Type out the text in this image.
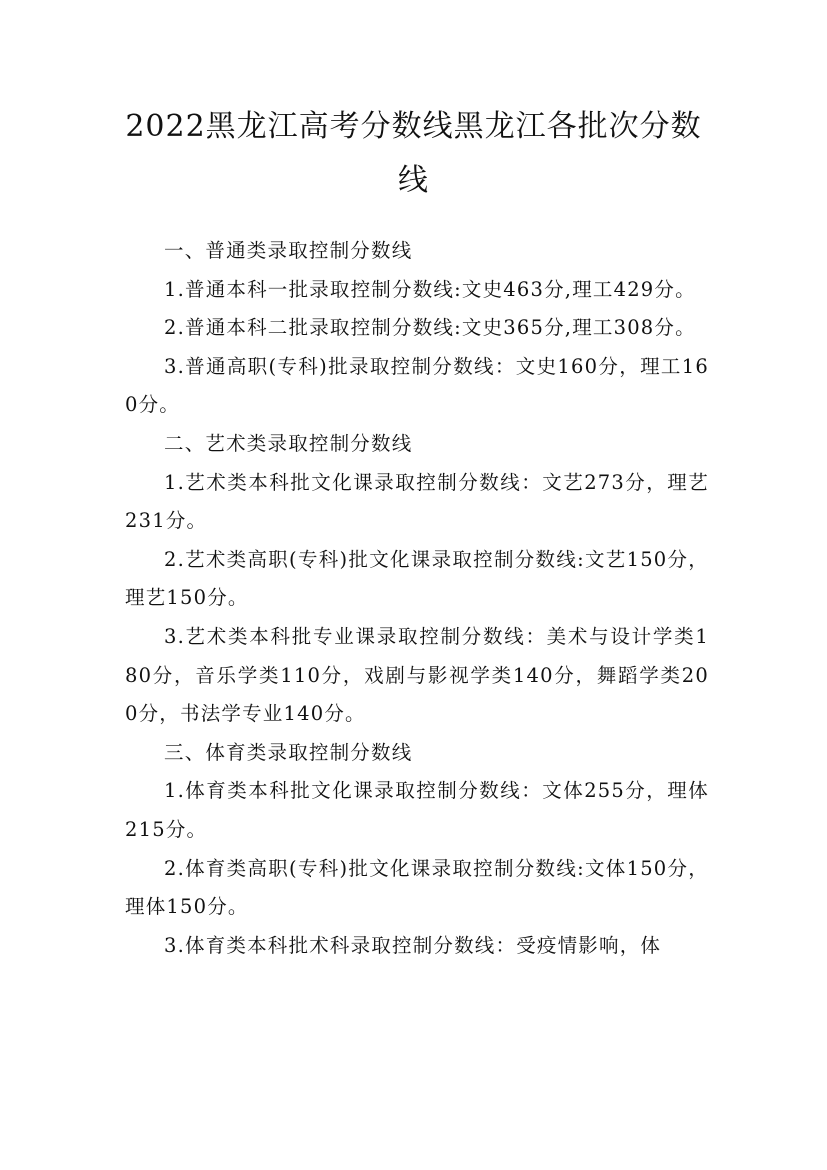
2022黑龙江高考分数线黑龙江各批次分数线

一、普通类录取控制分数线

1.普通本科一批录取控制分数线:文史463分,理工429分。

2.普通本科二批录取控制分数线:文史365分,理工308分。

3.普通高职(专科)批录取控制分数线：文史160分，理工160分。

二、艺术类录取控制分数线

1.艺术类本科批文化课录取控制分数线：文艺273分，理艺 231分。

2.艺术类高职(专科)批文化课录取控制分数线:文艺150分，理艺150分。

3.艺术类本科批专业课录取控制分数线：美术与设计学类180分，音乐学类110分，戏剧与影视学类140分，舞蹈学类200分，书法学专业140分。

三、体育类录取控制分数线

1.体育类本科批文化课录取控制分数线：文体255分，理体 215分。

2.体育类高职(专科)批文化课录取控制分数线:文体150分，理体150分。

3.体育类本科批术科录取控制分数线：受疫情影响，体
